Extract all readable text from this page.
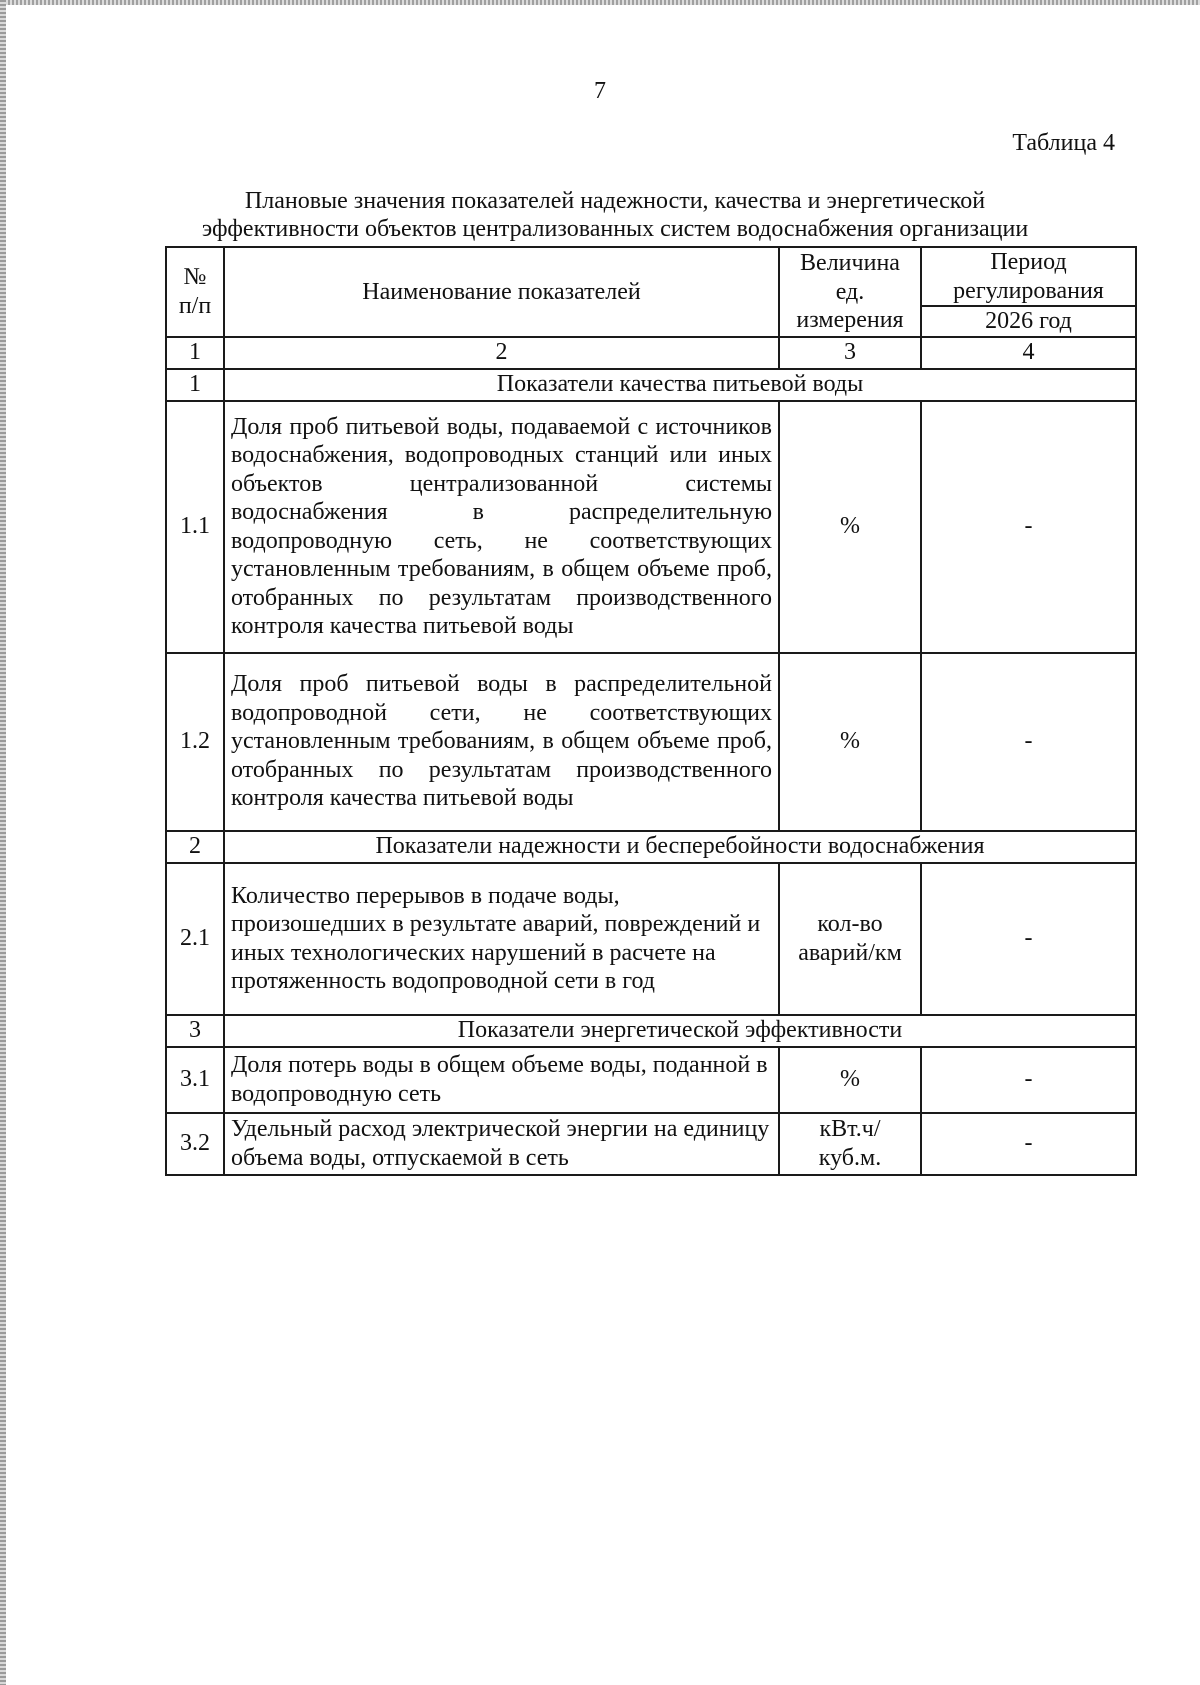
7
Таблица 4
Плановые значения показателей надежности, качества и энергетической
эффективности объектов централизованных систем водоснабжения организации
№ п/п	Наименование показателей	Величина ед. измерения	Период регулирования
			2026 год
1	2	3	4
1	Показатели качества питьевой воды		
1.1	Доля проб питьевой воды, подаваемой с источников водоснабжения, водопроводных станций или иных объектов централизованной системы водоснабжения в распределительную водопроводную сеть, не соответствующих установленным требованиям, в общем объеме проб, отобранных по результатам производственного контроля качества питьевой воды	%	-
1.2	Доля проб питьевой воды в распределительной водопроводной сети, не соответствующих установленным требованиям, в общем объеме проб, отобранных по результатам производственного контроля качества питьевой воды	%	-
2	Показатели надежности и бесперебойности водоснабжения		
2.1	Количество перерывов в подаче воды, произошедших в результате аварий, повреждений и иных технологических нарушений в расчете на протяженность водопроводной сети в год	кол-во аварий/км	-
3	Показатели энергетической эффективности		
3.1	Доля потерь воды в общем объеме воды, поданной в водопроводную сеть	%	-
3.2	Удельный расход электрической энергии на единицу объема воды, отпускаемой в сеть	кВт.ч/ куб.м.	-
